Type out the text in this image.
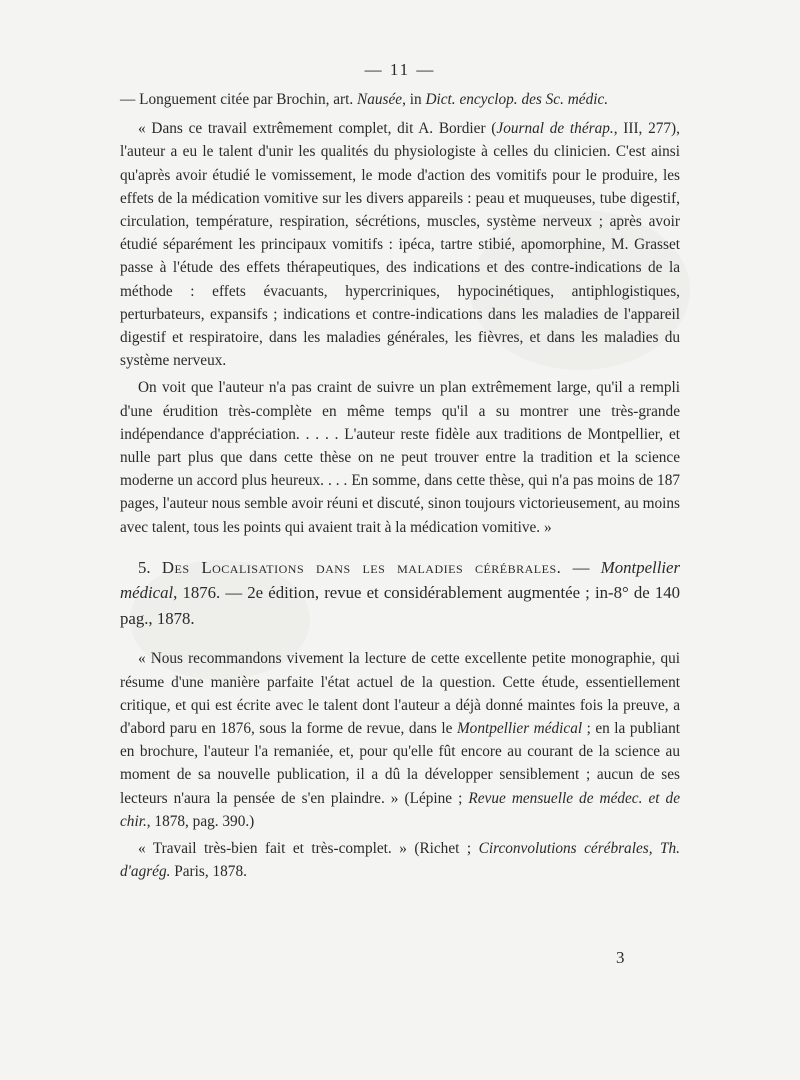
— 11 —

— Longuement citée par Brochin, art. Nausée, in Dict. encyclop. des Sc. médic.

« Dans ce travail extrêmement complet, dit A. Bordier (Journal de thérap., III, 277), l'auteur a eu le talent d'unir les qualités du physiologiste à celles du clinicien. C'est ainsi qu'après avoir étudié le vomissement, le mode d'action des vomitifs pour le produire, les effets de la médication vomitive sur les divers appareils : peau et muqueuses, tube digestif, circulation, température, respiration, sécrétions, muscles, système nerveux ; après avoir étudié séparément les principaux vomitifs : ipéca, tartre stibié, apomorphine, M. Grasset passe à l'étude des effets thérapeutiques, des indications et des contre-indications de la méthode : effets évacuants, hypercriniques, hypocinétiques, antiphlogistiques, perturbateurs, expansifs ; indications et contre-indications dans les maladies de l'appareil digestif et respiratoire, dans les maladies générales, les fièvres, et dans les maladies du système nerveux.

On voit que l'auteur n'a pas craint de suivre un plan extrêmement large, qu'il a rempli d'une érudition très-complète en même temps qu'il a su montrer une très-grande indépendance d'appréciation. . . . . L'auteur reste fidèle aux traditions de Montpellier, et nulle part plus que dans cette thèse on ne peut trouver entre la tradition et la science moderne un accord plus heureux. . . . En somme, dans cette thèse, qui n'a pas moins de 187 pages, l'auteur nous semble avoir réuni et discuté, sinon toujours victorieusement, au moins avec talent, tous les points qui avaient trait à la médication vomitive. »

5. Des Localisations dans les maladies cérébrales. — Montpellier médical, 1876. — 2e édition, revue et considérablement augmentée ; in-8° de 140 pag., 1878.

« Nous recommandons vivement la lecture de cette excellente petite monographie, qui résume d'une manière parfaite l'état actuel de la question. Cette étude, essentiellement critique, et qui est écrite avec le talent dont l'auteur a déjà donné maintes fois la preuve, a d'abord paru en 1876, sous la forme de revue, dans le Montpellier médical ; en la publiant en brochure, l'auteur l'a remaniée, et, pour qu'elle fût encore au courant de la science au moment de sa nouvelle publication, il a dû la développer sensiblement ; aucun de ses lecteurs n'aura la pensée de s'en plaindre. » (Lépine ; Revue mensuelle de médec. et de chir., 1878, pag. 390.)

« Travail très-bien fait et très-complet. » (Richet ; Circonvolutions cérébrales, Th. d'agrég. Paris, 1878.

3
